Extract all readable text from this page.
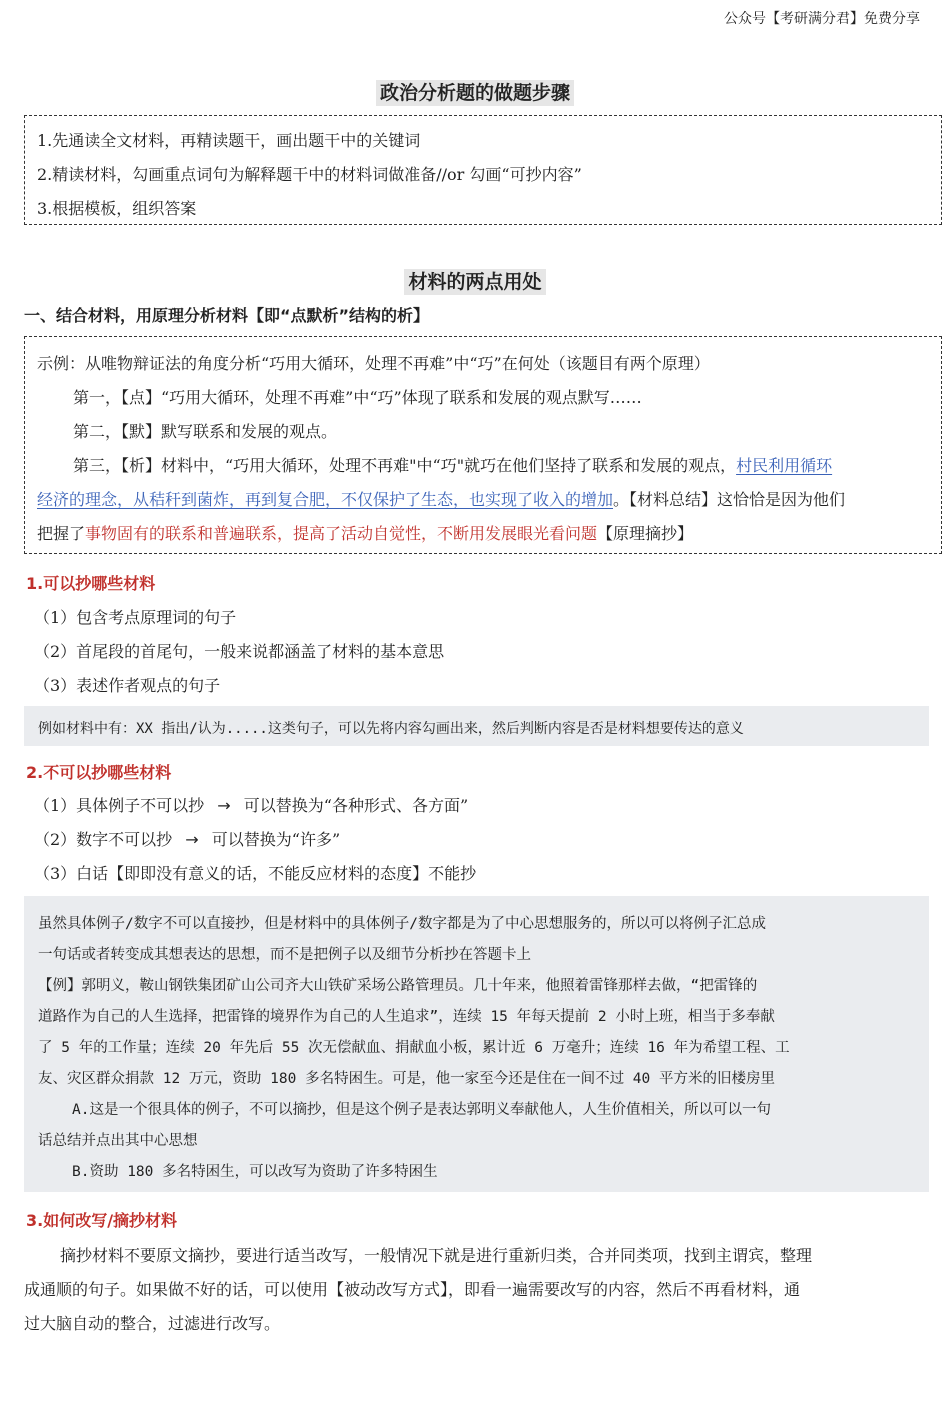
公众号【考研满分君】免费分享
政治分析题的做题步骤
1.先通读全文材料，再精读题干，画出题干中的关键词
2.精读材料，勾画重点词句为解释题干中的材料词做准备//or 勾画“可抄内容”
3.根据模板，组织答案
材料的两点用处
一、结合材料，用原理分析材料【即“点默析”结构的析】
示例：从唯物辩证法的角度分析“巧用大循环，处理不再难”中“巧”在何处（该题目有两个原理）
第一，【点】“巧用大循环，处理不再难”中“巧”体现了联系和发展的观点默写……
第二，【默】默写联系和发展的观点。
第三，【析】材料中，“巧用大循环，处理不再难"中“巧"就巧在他们坚持了联系和发展的观点，村民利用循环
经济的理念，从秸秆到菌炸，再到复合肥，不仅保护了生态，也实现了收入的增加。【材料总结】这恰恰是因为他们
把握了事物固有的联系和普遍联系，提高了活动自觉性，不断用发展眼光看问题【原理摘抄】
1.可以抄哪些材料
（1）包含考点原理词的句子
（2）首尾段的首尾句，一般来说都涵盖了材料的基本意思
（3）表述作者观点的句子
例如材料中有：XX 指出/认为.....这类句子，可以先将内容勾画出来，然后判断内容是否是材料想要传达的意义
2.不可以抄哪些材料
（1）具体例子不可以抄 → 可以替换为“各种形式、各方面”
（2）数字不可以抄 → 可以替换为“许多”
（3）白话【即即没有意义的话，不能反应材料的态度】不能抄
虽然具体例子/数字不可以直接抄，但是材料中的具体例子/数字都是为了中心思想服务的，所以可以将例子汇总成
一句话或者转变成其想表达的思想，而不是把例子以及细节分析抄在答题卡上
【例】郭明义，鞍山钢铁集团矿山公司齐大山铁矿采场公路管理员。几十年来，他照着雷锋那样去做，“把雷锋的
道路作为自己的人生选择，把雷锋的境界作为自己的人生追求”，连续 15 年每天提前 2 小时上班，相当于多奉献
了 5 年的工作量；连续 20 年先后 55 次无偿献血、捐献血小板，累计近 6 万毫升；连续 16 年为希望工程、工
友、灾区群众捐款 12 万元，资助 180 多名特困生。可是，他一家至今还是住在一间不过 40 平方米的旧楼房里
A.这是一个很具体的例子，不可以摘抄，但是这个例子是表达郭明义奉献他人，人生价值相关，所以可以一句
话总结并点出其中心思想
B.资助 180 多名特困生，可以改写为资助了许多特困生
3.如何改写/摘抄材料
摘抄材料不要原文摘抄，要进行适当改写，一般情况下就是进行重新归类，合并同类项，找到主谓宾，整理
成通顺的句子。如果做不好的话，可以使用【被动改写方式】，即看一遍需要改写的内容，然后不再看材料，通
过大脑自动的整合，过滤进行改写。
